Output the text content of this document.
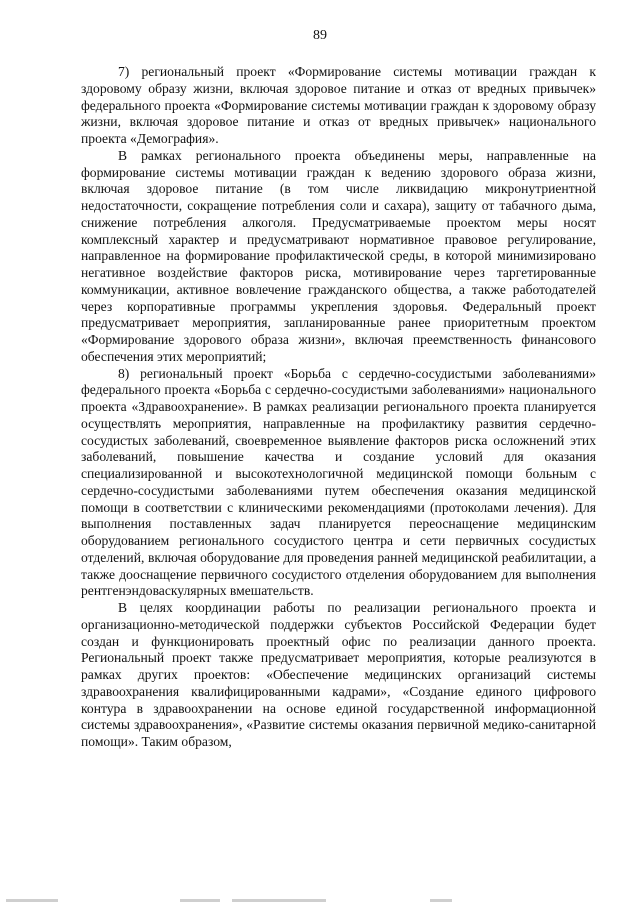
89

7) региональный проект «Формирование системы мотивации граждан к здоровому образу жизни, включая здоровое питание и отказ от вредных привычек» федерального проекта «Формирование системы мотивации граждан к здоровому образу жизни, включая здоровое питание и отказ от вредных привычек» национального проекта «Демография».

В рамках регионального проекта объединены меры, направленные на формирование системы мотивации граждан к ведению здорового образа жизни, включая здоровое питание (в том числе ликвидацию микронутриентной недостаточности, сокращение потребления соли и сахара), защиту от табачного дыма, снижение потребления алкоголя. Предусматриваемые проектом меры носят комплексный характер и предусматривают нормативное правовое регулирование, направленное на формирование профилактической среды, в которой минимизировано негативное воздействие факторов риска, мотивирование через таргетированные коммуникации, активное вовлечение гражданского общества, а также работодателей через корпоративные программы укрепления здоровья. Федеральный проект предусматривает мероприятия, запланированные ранее приоритетным проектом «Формирование здорового образа жизни», включая преемственность финансового обеспечения этих мероприятий;

8) региональный проект «Борьба с сердечно-сосудистыми заболеваниями» федерального проекта «Борьба с сердечно-сосудистыми заболеваниями» национального проекта «Здравоохранение». В рамках реализации регионального проекта планируется осуществлять мероприятия, направленные на профилактику развития сердечно-сосудистых заболеваний, своевременное выявление факторов риска осложнений этих заболеваний, повышение качества и создание условий для оказания специализированной и высокотехнологичной медицинской помощи больным с сердечно-сосудистыми заболеваниями путем обеспечения оказания медицинской помощи в соответствии с клиническими рекомендациями (протоколами лечения). Для выполнения поставленных задач планируется переоснащение медицинским оборудованием регионального сосудистого центра и сети первичных сосудистых отделений, включая оборудование для проведения ранней медицинской реабилитации, а также дооснащение первичного сосудистого отделения оборудованием для выполнения рентгенэндоваскулярных вмешательств.

В целях координации работы по реализации регионального проекта и организационно-методической поддержки субъектов Российской Федерации будет создан и функционировать проектный офис по реализации данного проекта. Региональный проект также предусматривает мероприятия, которые реализуются в рамках других проектов: «Обеспечение медицинских организаций системы здравоохранения квалифицированными кадрами», «Создание единого цифрового контура в здравоохранении на основе единой государственной информационной системы здравоохранения», «Развитие системы оказания первичной медико-санитарной помощи». Таким образом,
